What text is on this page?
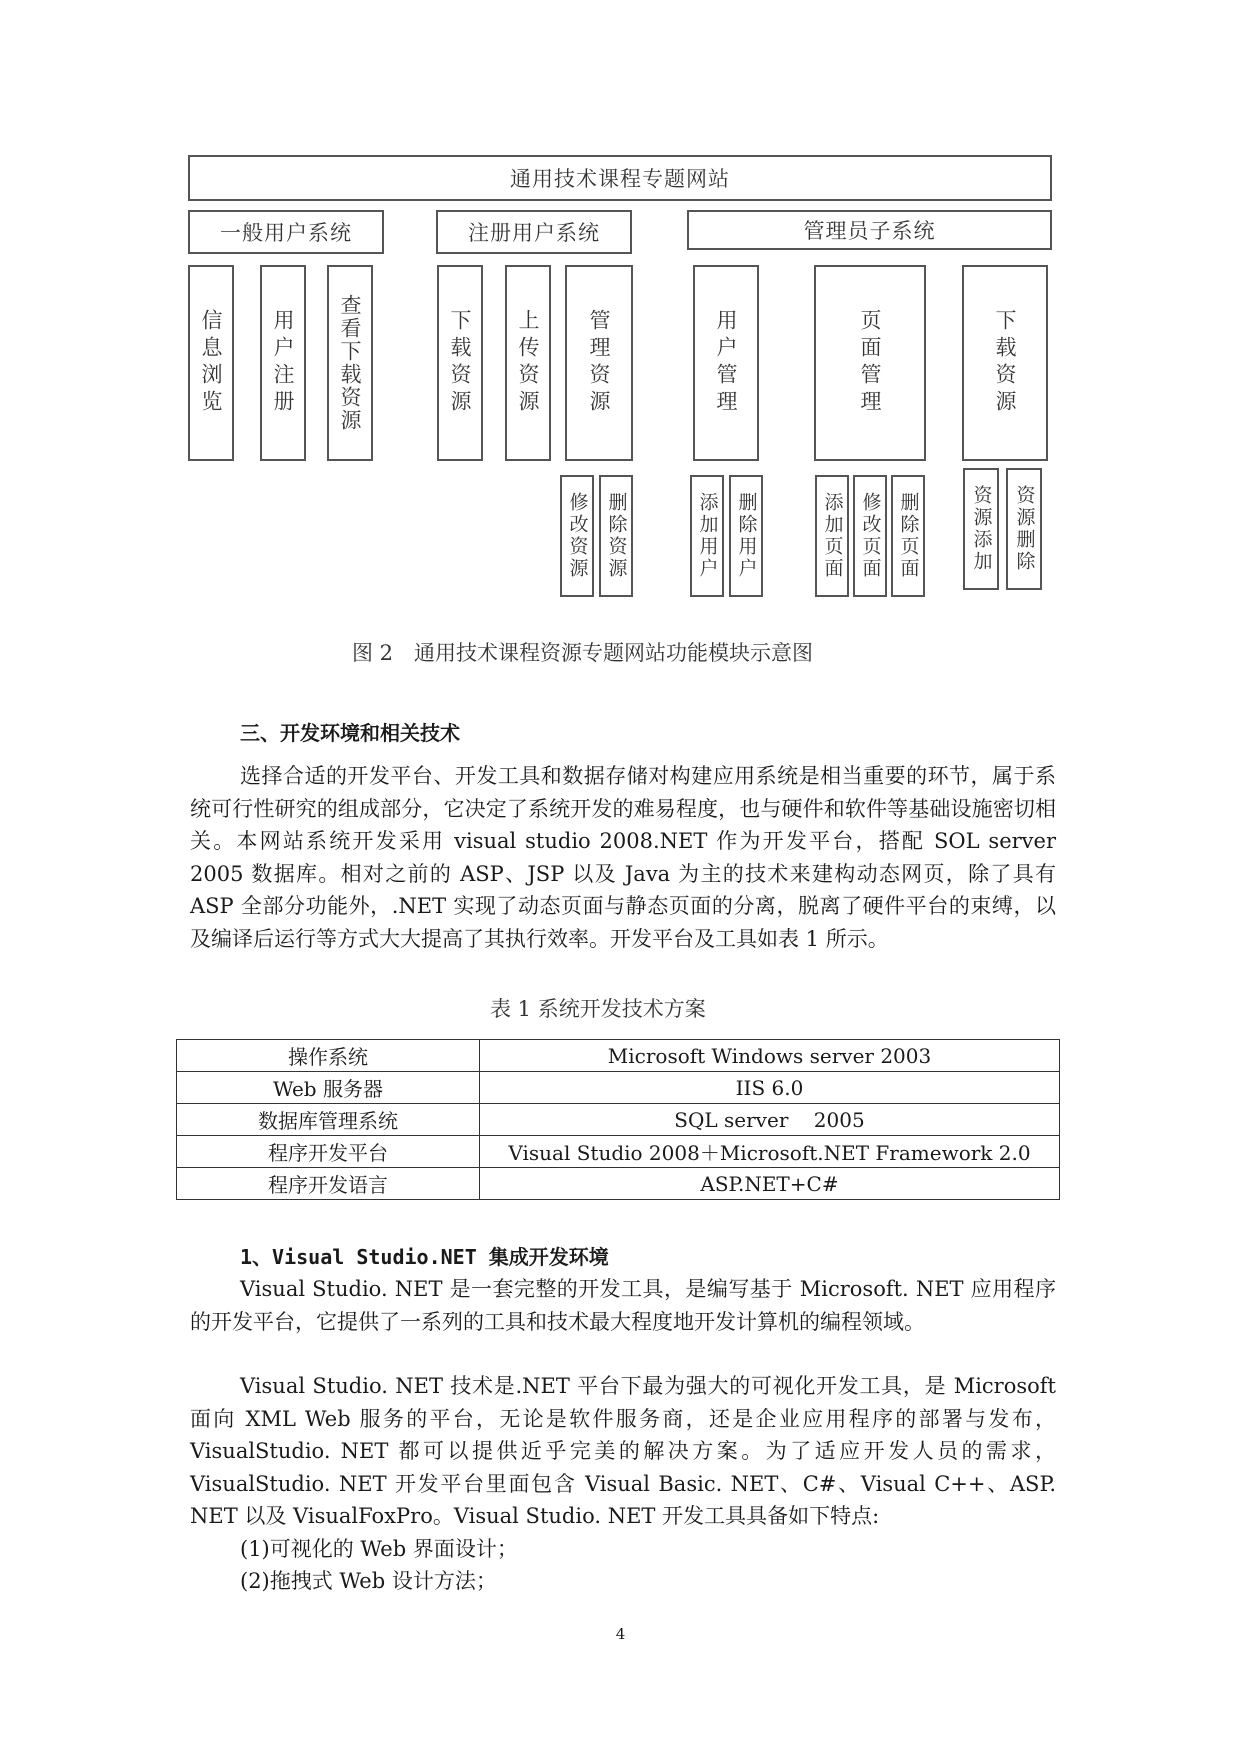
通用技术课程专题网站
一般用户系统	注册用户系统	管理员子系统
信息浏览	用户注册	查看下载资源	下载资源	上传资源	管理资源	用户管理	页面管理	下载资源
修改资源 删除资源	添加用户 删除用户	添加页面 修改页面 删除页面	资源添加	资源删除
图 2　通用技术课程资源专题网站功能模块示意图
三、开发环境和相关技术
选择合适的开发平台、开发工具和数据存储对构建应用系统是相当重要的环节，属于系统可行性研究的组成部分，它决定了系统开发的难易程度，也与硬件和软件等基础设施密切相关。本网站系统开发采用 visual studio 2008.NET 作为开发平台，搭配 SOL server 2005 数据库。相对之前的 ASP、JSP 以及 Java 为主的技术来建构动态网页，除了具有 ASP 全部分功能外，.NET 实现了动态页面与静态页面的分离，脱离了硬件平台的束缚，以及编译后运行等方式大大提高了其执行效率。开发平台及工具如表 1 所示。
表 1 系统开发技术方案
操作系统	Microsoft Windows server 2003
Web 服务器	IIS 6.0
数据库管理系统	SQL server    2005
程序开发平台	Visual Studio 2008＋Microsoft.NET Framework 2.0
程序开发语言	ASP.NET+C#
1、Visual Studio.NET 集成开发环境
Visual Studio. NET 是一套完整的开发工具，是编写基于 Microsoft. NET 应用程序的开发平台，它提供了一系列的工具和技术最大程度地开发计算机的编程领域。
Visual Studio. NET 技术是.NET 平台下最为强大的可视化开发工具，是 Microsoft 面向 XML Web 服务的平台，无论是软件服务商，还是企业应用程序的部署与发布，VisualStudio. NET 都可以提供近乎完美的解决方案。为了适应开发人员的需求，VisualStudio. NET 开发平台里面包含 Visual Basic. NET、C#、Visual C++、ASP. NET 以及 VisualFoxPro。Visual Studio. NET 开发工具具备如下特点:
(1)可视化的 Web 界面设计；
(2)拖拽式 Web 设计方法；
4
